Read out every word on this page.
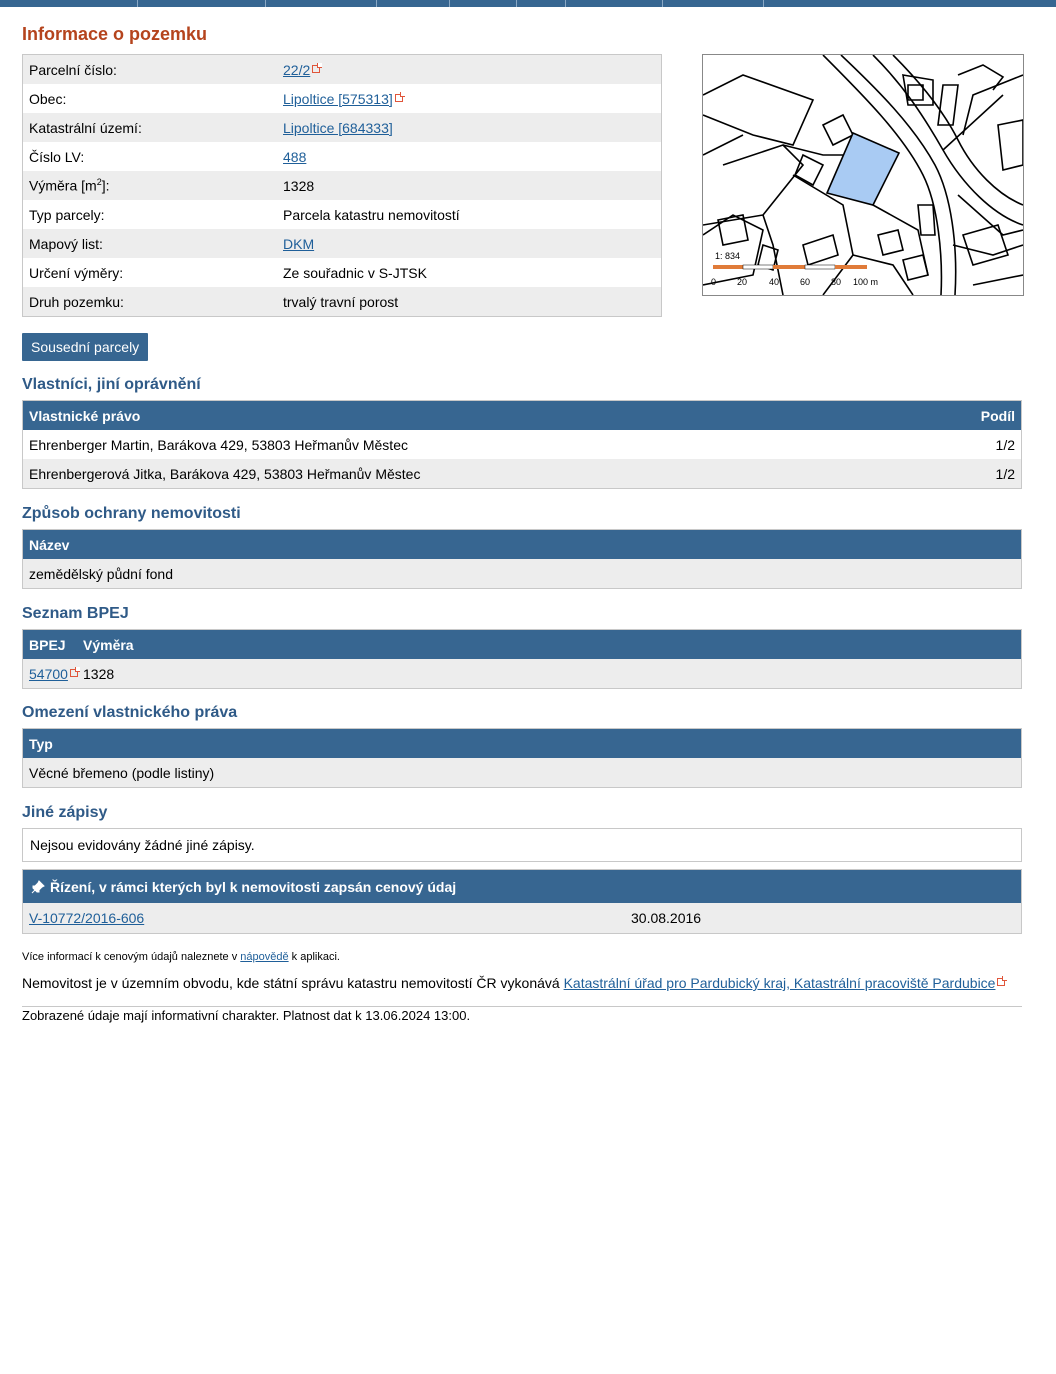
Informace o pozemku
Parcelní číslo:	22/2
Obec:	Lipoltice [575313]
Katastrální území:	Lipoltice [684333]
Číslo LV:	488
Výměra $[m^2]$:	1328
Typ parcely:	Parcela katastru nemovitostí
Mapový list:	DKM
Určení výměry:	Ze souřadnic v S-JTSK
Druh pozemku:	trvalý travní porost
1: 834
0 20 40 60 80 100 m
Sousední parcely
Vlastníci, jiní oprávnění
Vlastnické právo	Podíl
Ehrenberger Martin, Barákova 429, 53803 Heřmanův Městec	1/2
Ehrenbergerová Jitka, Barákova 429, 53803 Heřmanův Městec	1/2
Způsob ochrany nemovitosti
Název
zemědělský půdní fond
Seznam BPEJ
BPEJ	Výměra
54700	1328
Omezení vlastnického práva
Typ
Věcné břemeno (podle listiny)
Jiné zápisy
Nejsou evidovány žádné jiné zápisy.
Řízení, v rámci kterých byl k nemovitosti zapsán cenový údaj
V-10772/2016-606	30.08.2016
Více informací k cenovým údajů naleznete v nápovědě k aplikaci.
Nemovitost je v územním obvodu, kde státní správu katastru nemovitostí ČR vykonává Katastrální úřad pro Pardubický kraj, Katastrální pracoviště Pardubice
Zobrazené údaje mají informativní charakter. Platnost dat k 13.06.2024 13:00.
